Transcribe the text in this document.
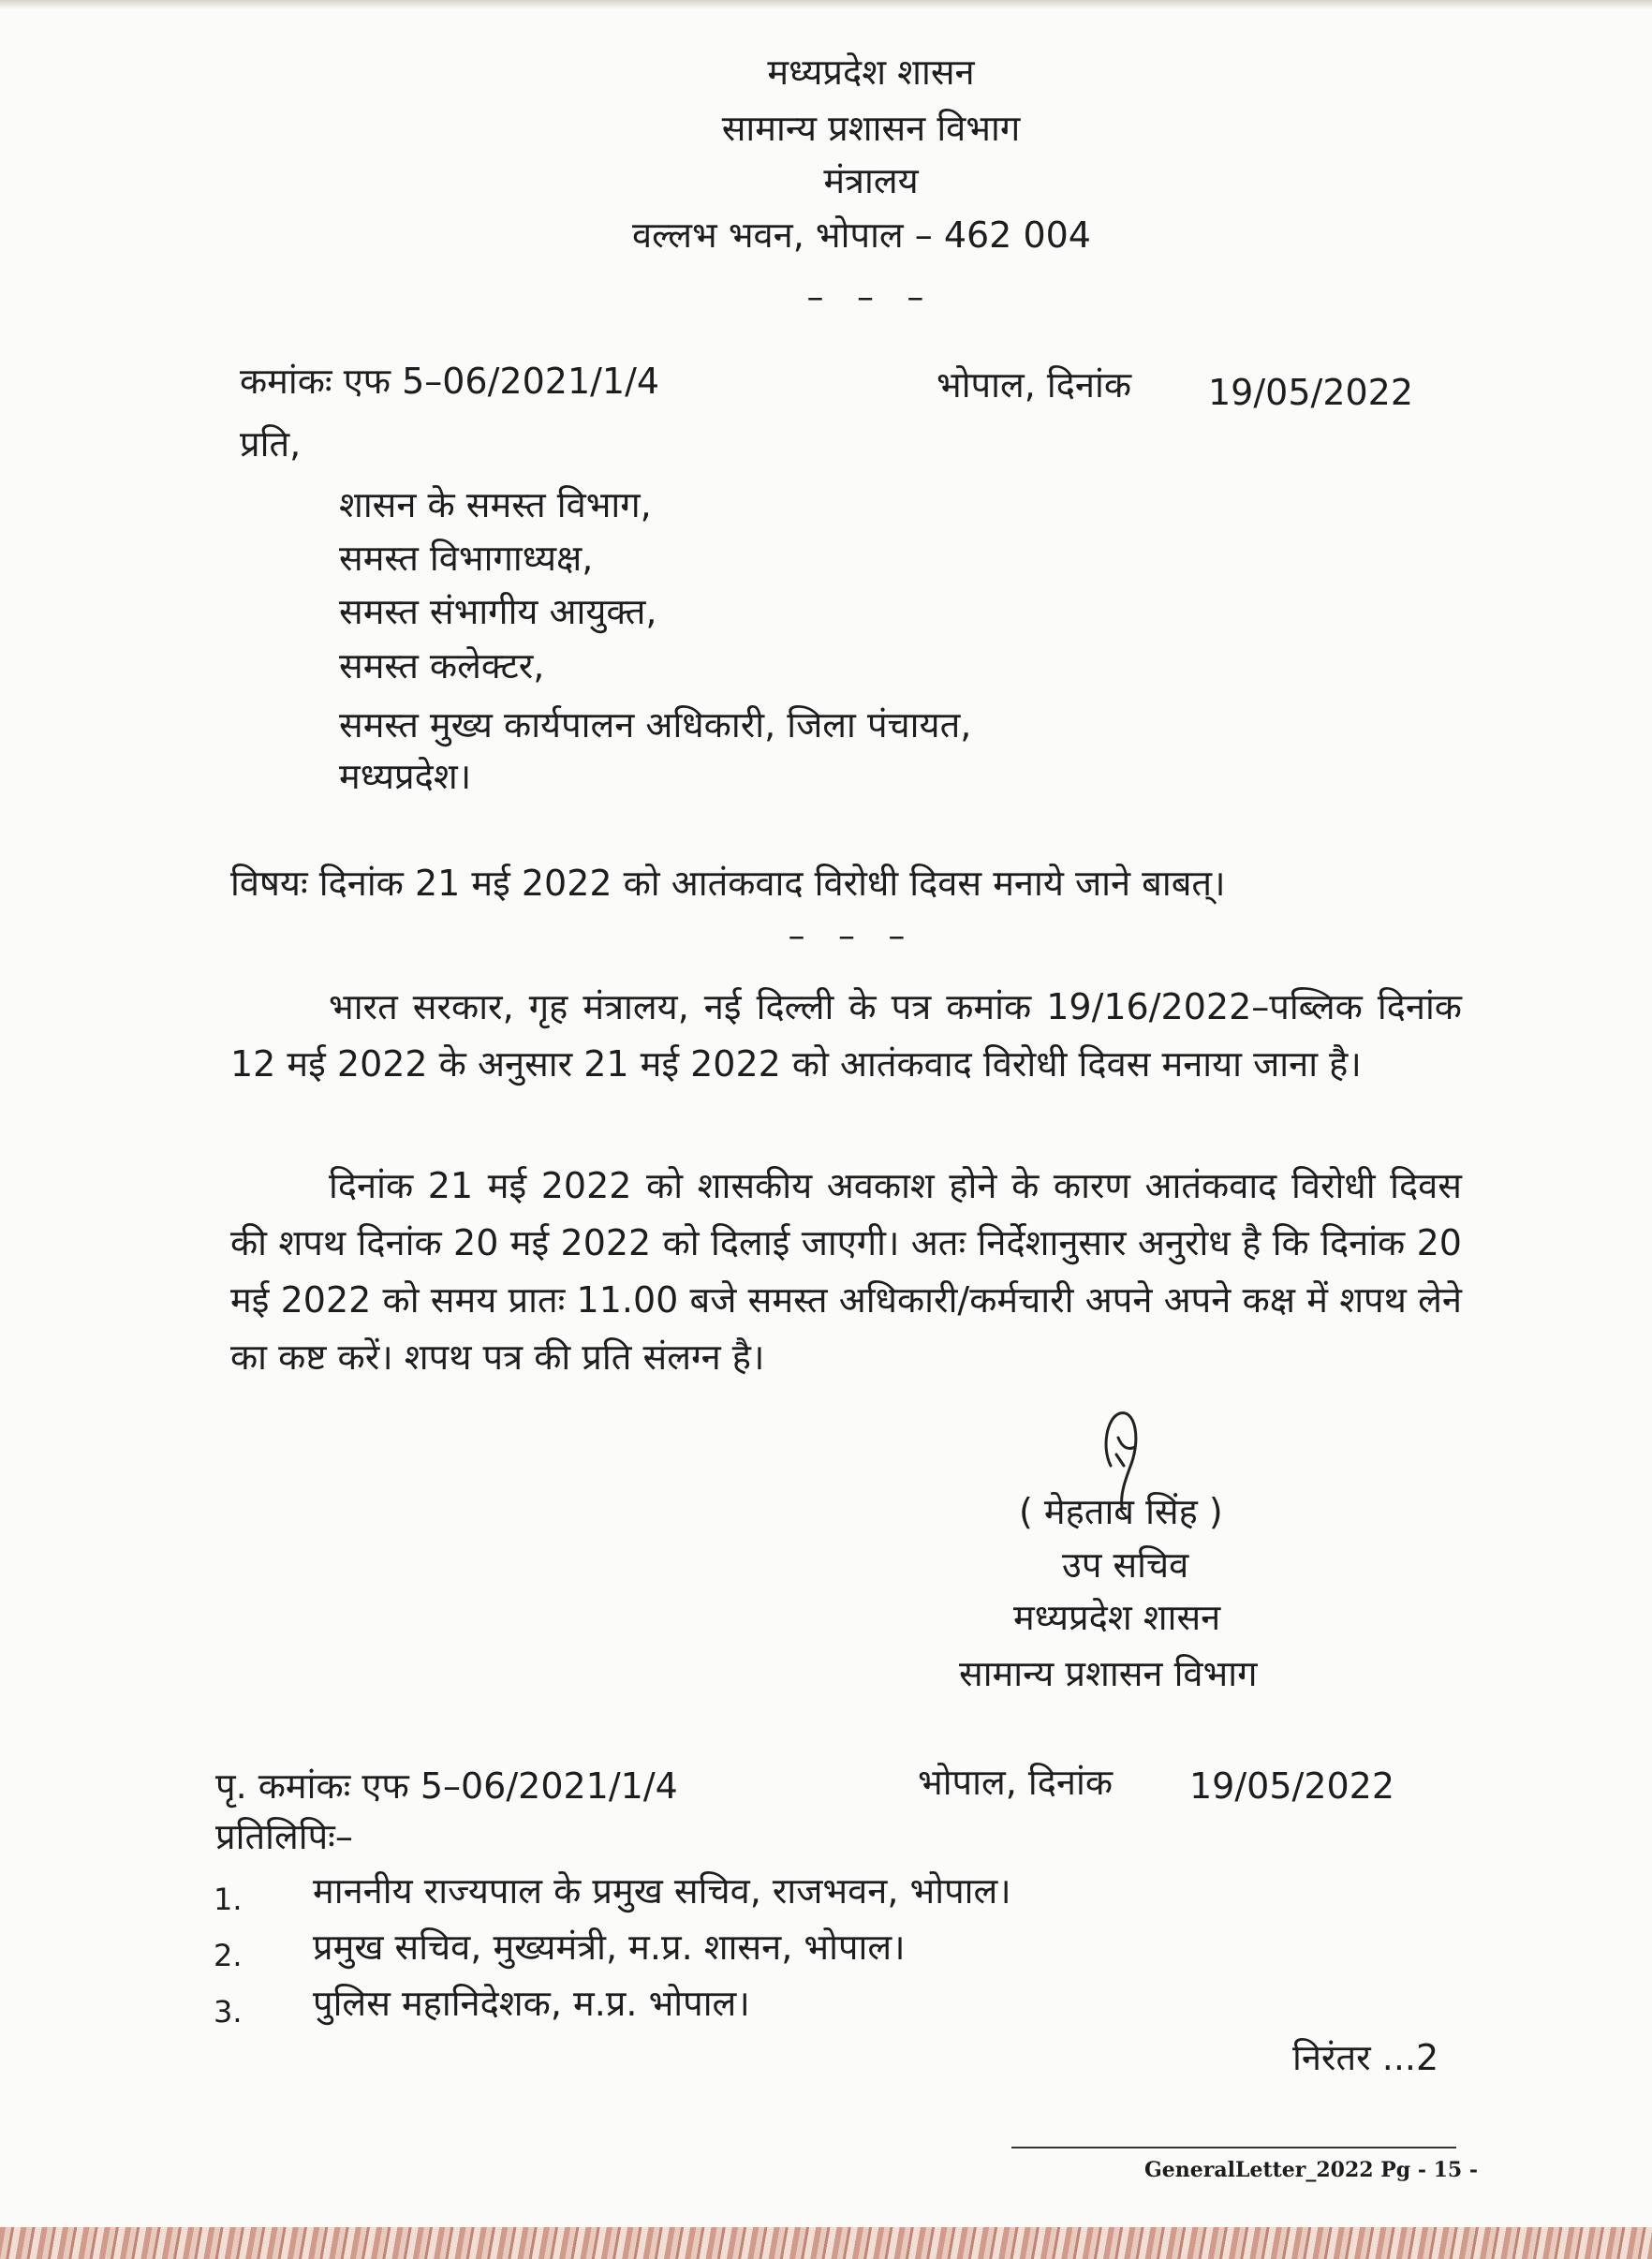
मध्यप्रदेश शासन
सामान्य प्रशासन विभाग
मंत्रालय
वल्लभ भवन, भोपाल – 462 004
– – –
कमांकः एफ 5–06/2021/1/4	भोपाल, दिनांक 19/05/2022
प्रति,
शासन के समस्त विभाग,
समस्त विभागाध्यक्ष,
समस्त संभागीय आयुक्त,
समस्त कलेक्टर,
समस्त मुख्य कार्यपालन अधिकारी, जिला पंचायत,
मध्यप्रदेश।
विषयः दिनांक 21 मई 2022 को आतंकवाद विरोधी दिवस मनाये जाने बाबत्।
– – –
भारत सरकार, गृह मंत्रालय, नई दिल्ली के पत्र कमांक 19/16/2022–पब्लिक दिनांक 12 मई 2022 के अनुसार 21 मई 2022 को आतंकवाद विरोधी दिवस मनाया जाना है।
दिनांक 21 मई 2022 को शासकीय अवकाश होने के कारण आतंकवाद विरोधी दिवस की शपथ दिनांक 20 मई 2022 को दिलाई जाएगी। अतः निर्देशानुसार अनुरोध है कि दिनांक 20 मई 2022 को समय प्रातः 11.00 बजे समस्त अधिकारी/कर्मचारी अपने अपने कक्ष में शपथ लेने का कष्ट करें। शपथ पत्र की प्रति संलग्न है।
( मेहताब सिंह )
उप सचिव
मध्यप्रदेश शासन
सामान्य प्रशासन विभाग
पृ. कमांकः एफ 5–06/2021/1/4	भोपाल, दिनांक 19/05/2022
प्रतिलिपिः–
1. माननीय राज्यपाल के प्रमुख सचिव, राजभवन, भोपाल।
2. प्रमुख सचिव, मुख्यमंत्री, म.प्र. शासन, भोपाल।
3. पुलिस महानिदेशक, म.प्र. भोपाल।
निरंतर ...2
GeneralLetter_2022 Pg - 15 -
